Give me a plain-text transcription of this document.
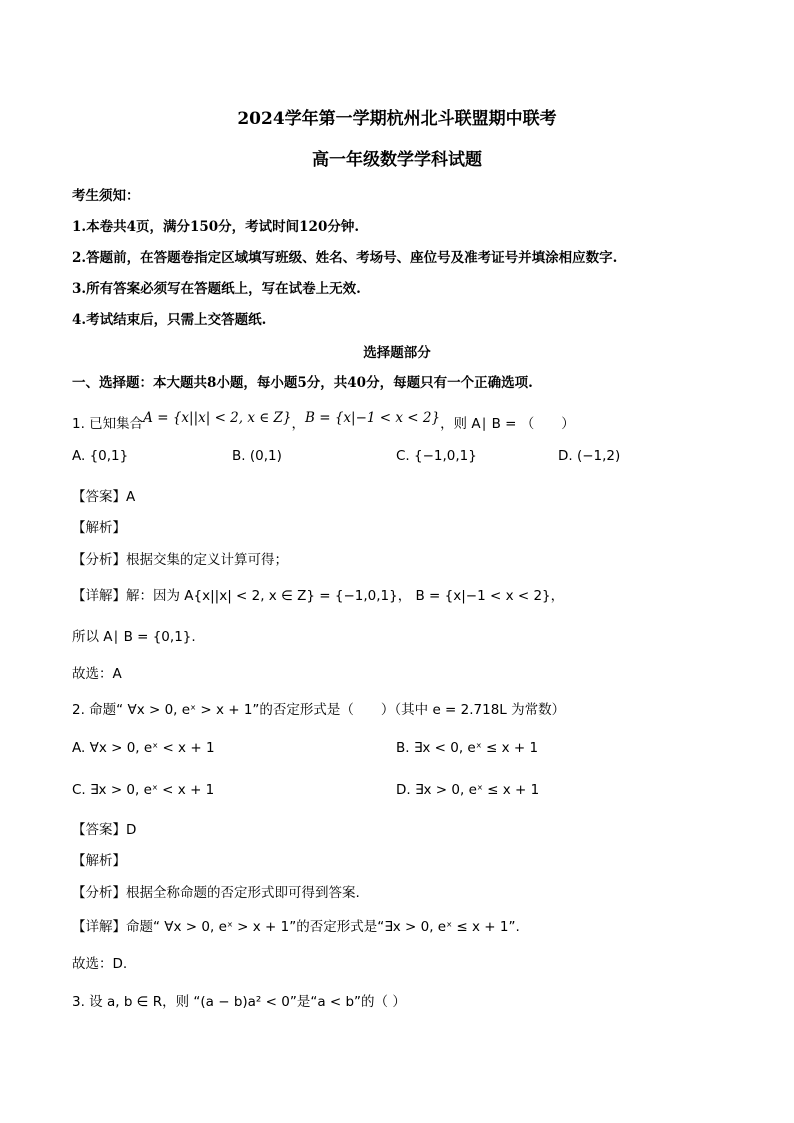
2024学年第一学期杭州北斗联盟期中联考
高一年级数学学科试题
考生须知：
1.本卷共4页，满分150分，考试时间120分钟.
2.答题前，在答题卷指定区域填写班级、姓名、考场号、座位号及准考证号并填涂相应数字.
3.所有答案必须写在答题纸上，写在试卷上无效.
4.考试结束后，只需上交答题纸.
选择题部分
一、选择题：本大题共8小题，每小题5分，共40分，每题只有一个正确选项.
1. 已知集合A = {x||x| < 2, x ∈ Z}，B = {x|−1 < x < 2}，则 A∣ B = （　　）
A. {0,1}	B. (0,1)	C. {−1,0,1}	D. (−1,2)
【答案】A
【解析】
【分析】根据交集的定义计算可得；
【详解】解：因为 A{x||x| < 2, x ∈ Z} = {−1,0,1}， B = {x|−1 < x < 2}，
所以 A∣ B = {0,1}.
故选：A
2. 命题“ ∀x > 0, eˣ > x + 1”的否定形式是（　　）（其中 e = 2.718L 为常数）
A. ∀x > 0, eˣ < x + 1	B. ∃x < 0, eˣ ≤ x + 1
C. ∃x > 0, eˣ < x + 1	D. ∃x > 0, eˣ ≤ x + 1
【答案】D
【解析】
【分析】根据全称命题的否定形式即可得到答案.
【详解】命题“ ∀x > 0, eˣ > x + 1”的否定形式是“∃x > 0, eˣ ≤ x + 1”.
故选：D.
3. 设 a, b ∈ R，则 “(a − b)a² < 0”是“a < b”的（ ）
